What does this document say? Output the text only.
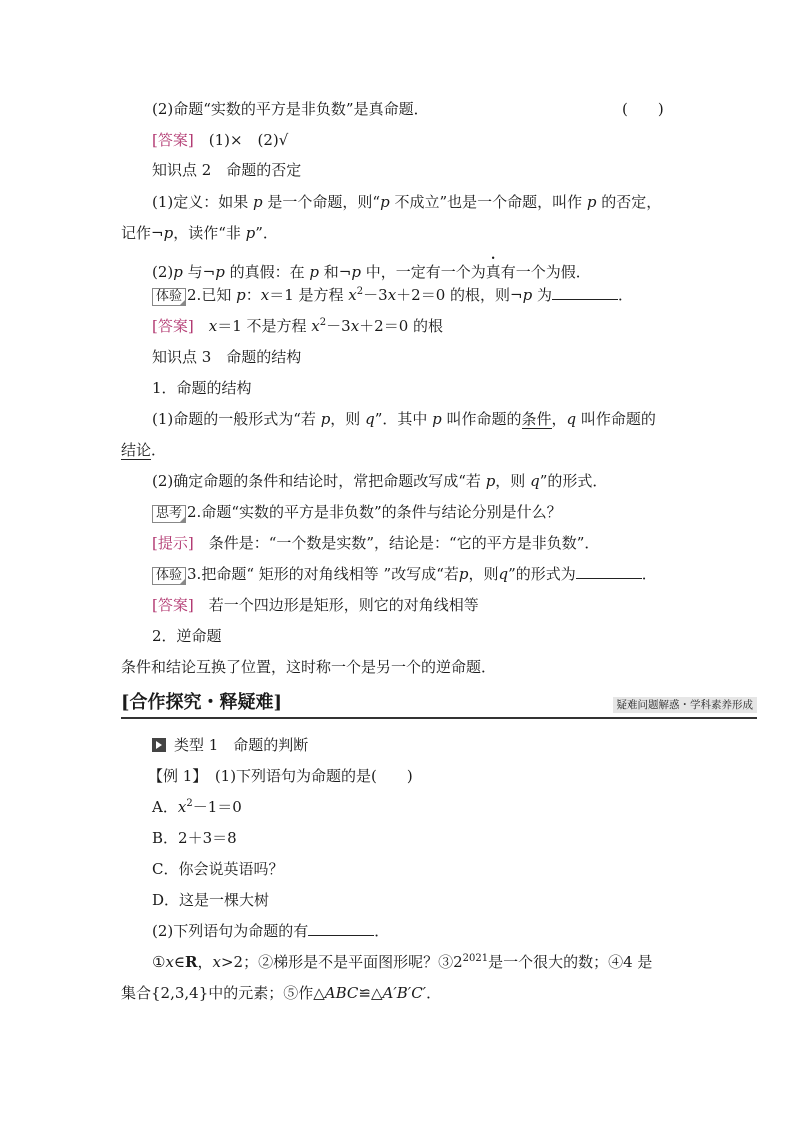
(2)命题“实数的平方是非负数”是真命题．	(　　)
[答案]　(1)×　(2)√
知识点 2　命题的否定
(1)定义：如果 p 是一个命题，则“p 不成立”也是一个命题，叫作 p 的否定，
记作¬p，读作“非 p”．
(2)p 与¬p 的真假：在 p 和¬p 中，一定有一个为真有一个为假．
体验 2.已知 p：x＝1 是方程 $x^2-3x+2=0$ 的根，则¬p 为	．
[答案]　 x＝1 不是方程 $x^2-3x+2=0$ 的根
知识点 3　命题的结构
1．命题的结构
(1)命题的一般形式为“若 p，则 q”．其中 p 叫作命题的条件，q 叫作命题的
结论．
(2)确定命题的条件和结论时，常把命题改写成“若 p，则 q”的形式．
思考 2.命题“实数的平方是非负数”的条件与结论分别是什么？
[提示]　条件是：“一个数是实数”，结论是：“它的平方是非负数”．
体验 3.把命题“ 矩形的对角线相等 ”改写成“若p，则q”的形式为	．
[答案]　若一个四边形是矩形，则它的对角线相等
2．逆命题
条件和结论互换了位置，这时称一个是另一个的逆命题．
[合作探究・释疑难]	疑难问题解惑・学科素养形成
类型 1　命题的判断
【例 1】　(1)下列语句为命题的是(　　)
A．$x^2-1=0$
B．2＋3＝8
C．你会说英语吗？
D．这是一棵大树
(2)下列语句为命题的有	．
①x∈R，x>2；②梯形是不是平面图形呢？$③2^{2021}$是一个很大的数；④4 是
集合{2,3,4}中的元素；⑤作△ABC≌△A′B′C′．
